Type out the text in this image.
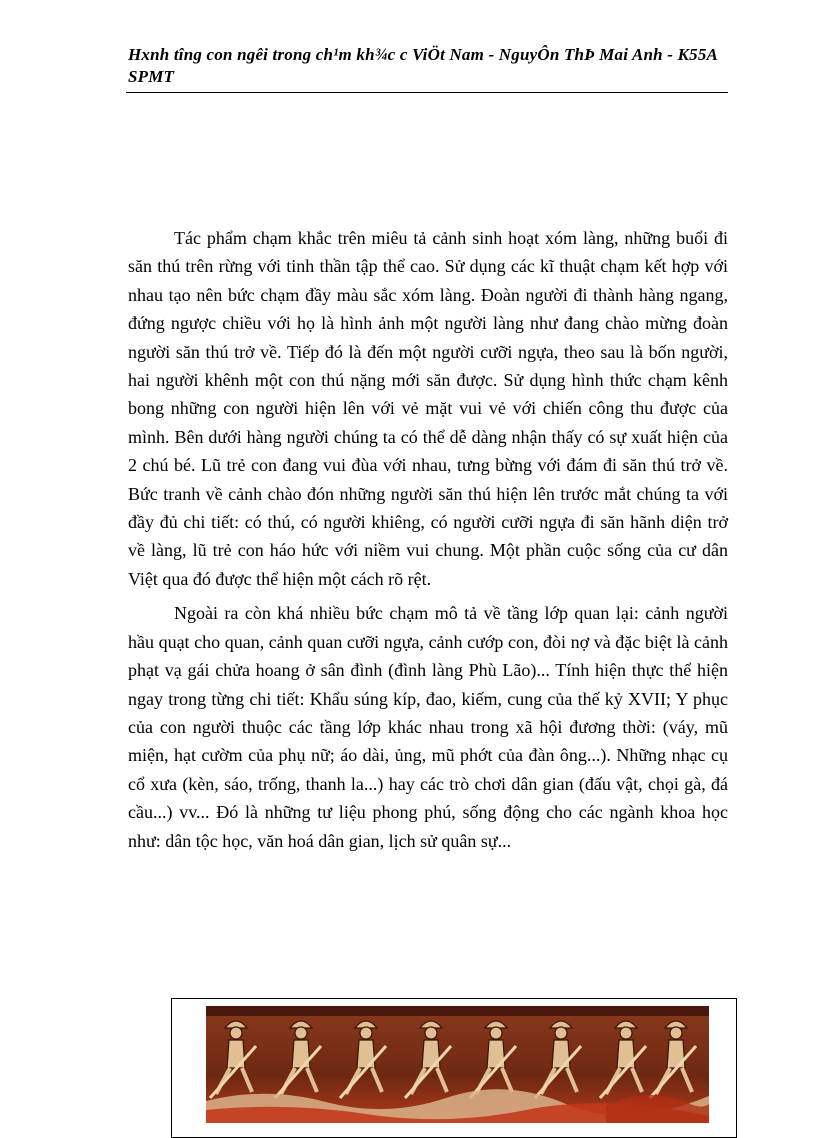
Hxnh tîng con ngêi trong ch¹m kh¾c c ViÖt Nam - NguyÔn ThÞ Mai Anh - K55A SPMT

Tác phẩm chạm khắc trên miêu tả cảnh sinh hoạt xóm làng, những buổi đi săn thú trên rừng với tinh thần tập thể cao. Sử dụng các kĩ thuật chạm kết hợp với nhau tạo nên bức chạm đầy màu sắc xóm làng. Đoàn người đi thành hàng ngang, đứng ngược chiều với họ là hình ảnh một người làng như đang chào mừng đoàn người săn thú trở về. Tiếp đó là đến một người cưỡi ngựa, theo sau là bốn người, hai người khênh một con thú nặng mới săn được. Sử dụng hình thức chạm kênh bong những con người hiện lên với vẻ mặt vui vẻ với chiến công thu được của mình. Bên dưới hàng người chúng ta có thể dễ dàng nhận thấy có sự xuất hiện của 2 chú bé. Lũ trẻ con đang vui đùa với nhau, tưng bừng với đám đi săn thú trở về. Bức tranh về cảnh chào đón những người săn thú hiện lên trước mắt chúng ta với đầy đủ chi tiết: có thú, có người khiêng, có người cưỡi ngựa đi săn hãnh diện trở về làng, lũ trẻ con háo hức với niềm vui chung. Một phần cuộc sống của cư dân Việt qua đó được thể hiện một cách rõ rệt.

Ngoài ra còn khá nhiều bức chạm mô tả về tầng lớp quan lại: cảnh người hầu quạt cho quan, cảnh quan cưỡi ngựa, cảnh cướp con, đòi nợ và đặc biệt là cảnh phạt vạ gái chửa hoang ở sân đình (đình làng Phù Lão)... Tính hiện thực thể hiện ngay trong từng chi tiết: Khẩu súng kíp, đao, kiếm, cung của thế kỷ XVII; Y phục của con người thuộc các tầng lớp khác nhau trong xã hội đương thời: (váy, mũ miện, hạt cườm của phụ nữ; áo dài, ủng, mũ phớt của đàn ông...). Những nhạc cụ cổ xưa (kèn, sáo, trống, thanh la...) hay các trò chơi dân gian (đấu vật, chọi gà, đá cầu...) vv... Đó là những tư liệu phong phú, sống động cho các ngành khoa học như: dân tộc học, văn hoá dân gian, lịch sử quân sự...
